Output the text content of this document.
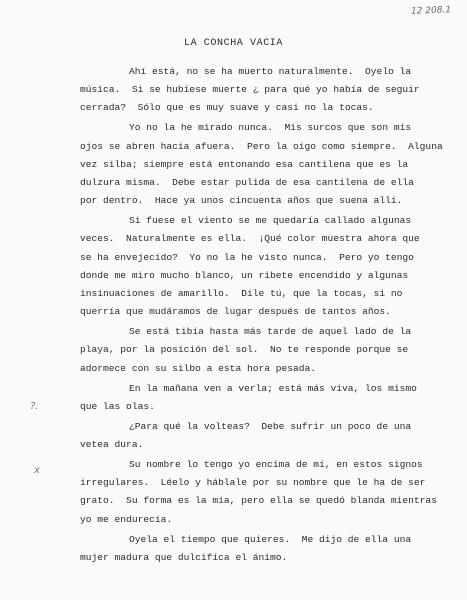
12 208.1
LA CONCHA VACIA
?.
x
Ahí está, no se ha muerto naturalmente.  Oyelo la
música.  Si se hubiese muerte ¿ para qué yo había de seguir
cerrada?  Sólo que es muy suave y casi no la tocas.
Yo no la he mirado nunca.  Mis surcos que son mis
ojos se abren hacia afuera.  Pero la oigo como siempre.  Alguna
vez silba; siempre está entonando esa cantilena que es la
dulzura misma.  Debe estar pulida de esa cantilena de ella
por dentro.  Hace ya unos cincuenta años que suena allí.
Si fuese el viento se me quedaría callado algunas
veces.  Naturalmente es ella.  ¡Qué color muestra ahora que
se ha envejecido?  Yo no la he visto nunca.  Pero yo tengo
donde me miro mucho blanco, un ribete encendido y algunas
insinuaciones de amarillo.  Dile tú, que la tocas, si no
querría que mudáramos de lugar después de tantos años.
Se está tibia hasta más tarde de aquel lado de la
playa, por la posición del sol.  No te responde porque se
adormece con su silbo a esta hora pesada.
En la mañana ven a verla; está más viva, los mismo
que las olas.
¿Para qué la volteas?  Debe sufrir un poco de una
vetea dura.
Su nombre lo tengo yo encima de mí, en estos signos
irregulares.  Léelo y háblale por su nombre que le ha de ser
grato.  Su forma es la mía, pero ella se quedó blanda mientras
yo me endurecía.
Oyela el tiempo que quieres.  Me dijo de ella una
mujer madura que dulcifica el ánimo.
